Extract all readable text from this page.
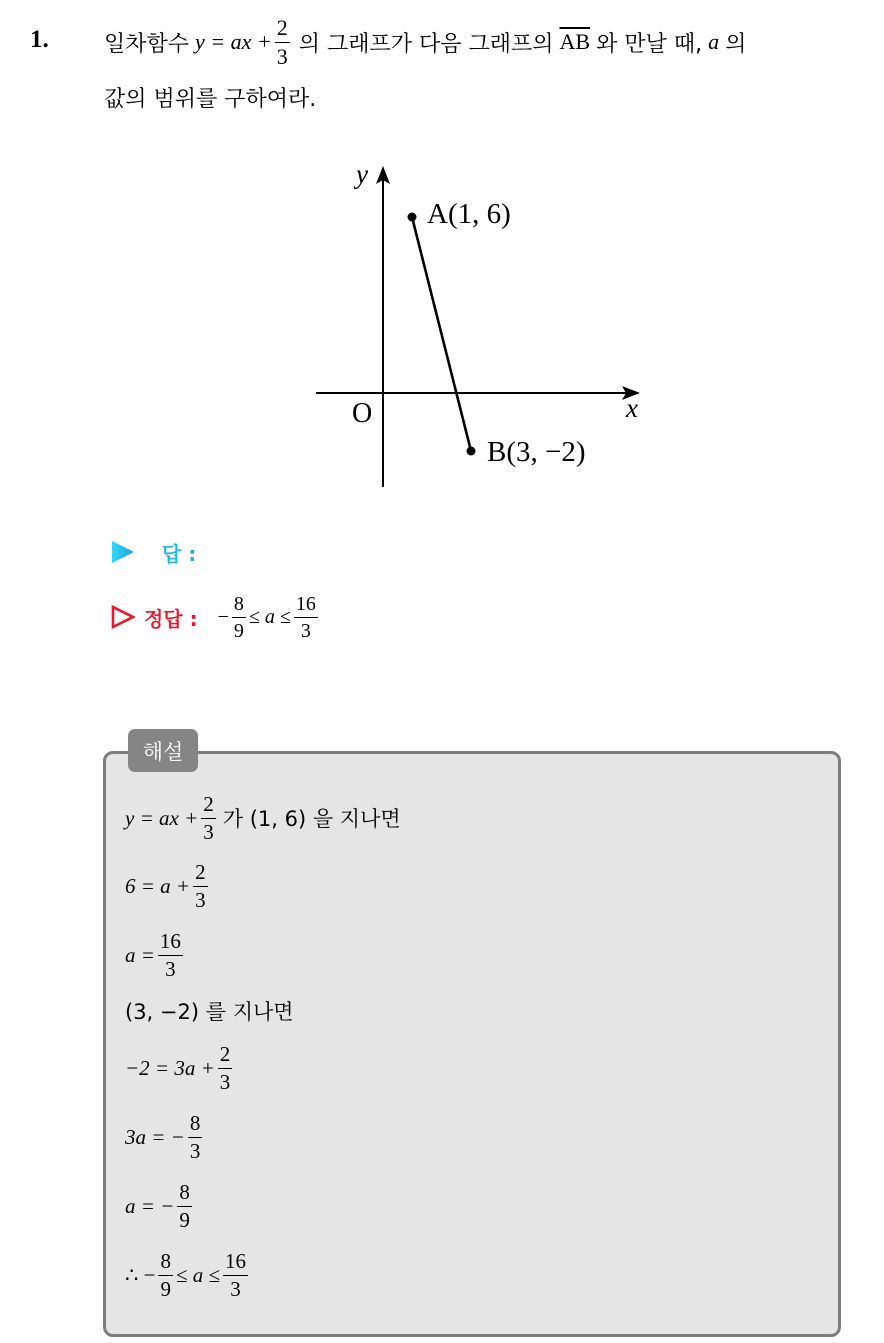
1.	일차함수 y = ax + $\frac{2}{3}$ 의 그래프가 다음 그래프의 $\overline{AB}$ 와 만날 때, a 의
값의 범위를 구하여라.
y
x
O
A(1, 6)
B(3, −2)
답 :
정답 : − $\frac{8}{9} \le a \le \frac{16}{3}$
해설
y = ax + $\frac{2}{3}$ 가 (1, 6) 을 지나면
$6 = a + \frac{2}{3}$
$a = \frac{16}{3}$
(3, −2) 를 지나면
$-2 = 3a + \frac{2}{3}$
3a = − $\frac{8}{3}$
a = − $\frac{8}{9}$
∴ − $\frac{8}{9} \le a \le \frac{16}{3}$
